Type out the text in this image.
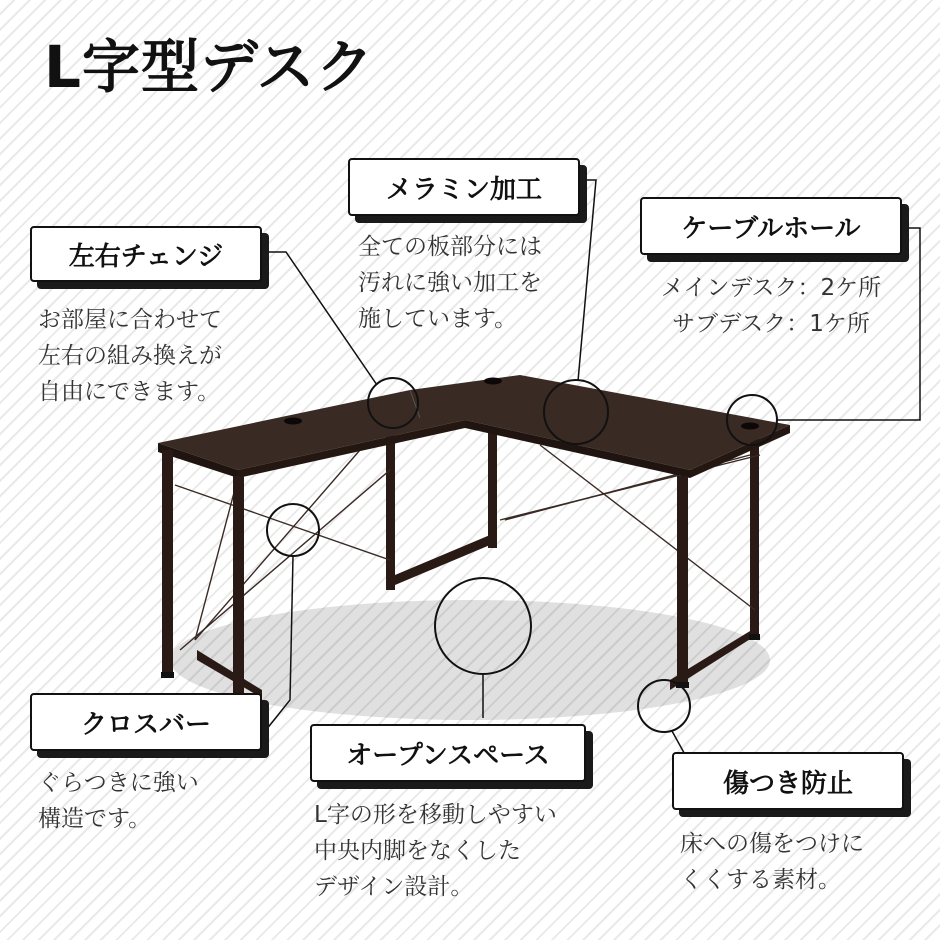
L字型デスク
左右チェンジ
お部屋に合わせて
左右の組み換えが
自由にできます。
メラミン加工
全ての板部分には
汚れに強い加工を
施しています。
ケーブルホール
メインデスク：2ケ所
サブデスク：1ケ所
クロスバー
ぐらつきに強い
構造です。
オープンスペース
L字の形を移動しやすい
中央内脚をなくした
デザイン設計。
傷つき防止
床への傷をつけに
くくする素材。
